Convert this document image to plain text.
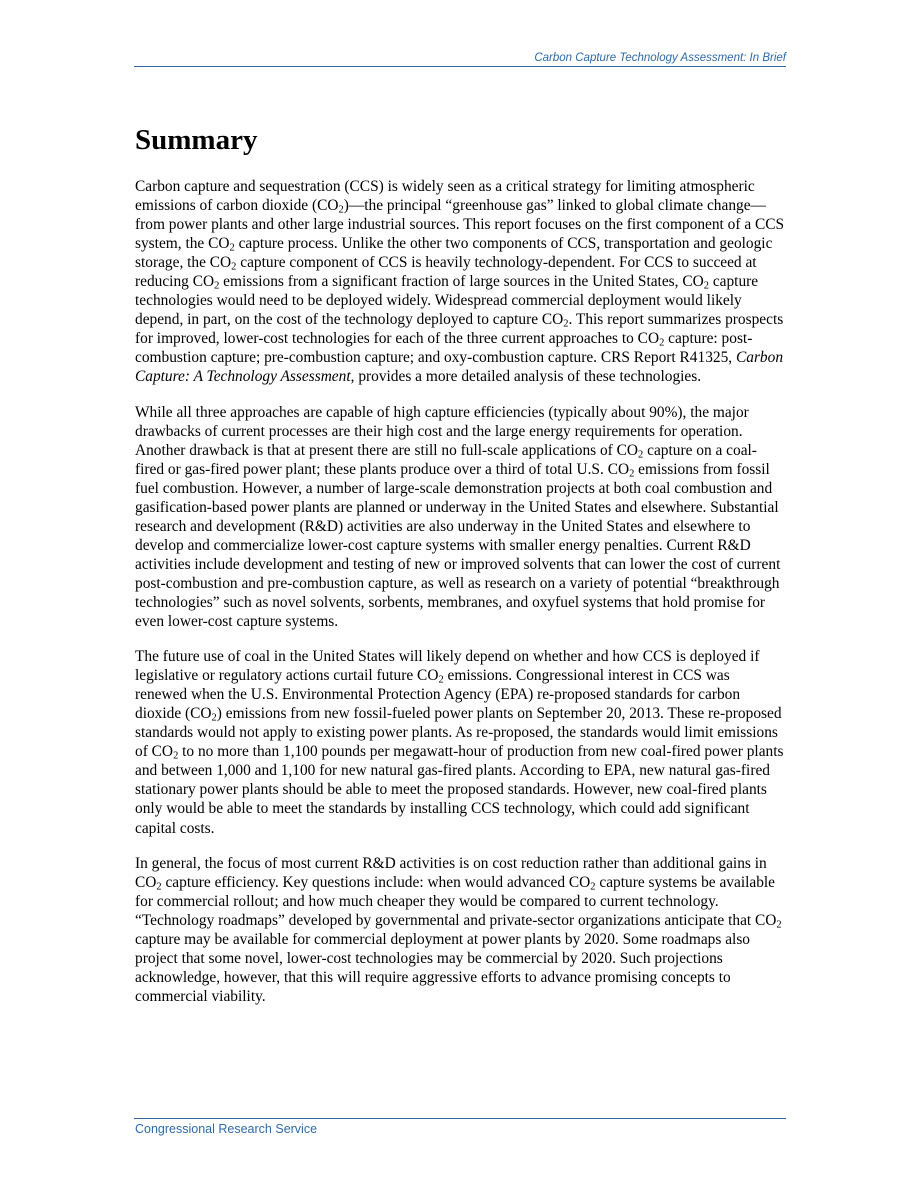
Carbon Capture Technology Assessment: In Brief
Summary

Carbon capture and sequestration (CCS) is widely seen as a critical strategy for limiting atmospheric emissions of carbon dioxide $(CO_2)—the$ principal “greenhouse gas” linked to global climate change—from power plants and other large industrial sources. This report focuses on the first component of a CCS system, the $CO_2$ capture process. Unlike the other two components of CCS, transportation and geologic storage, the $CO_2$ capture component of CCS is heavily technology-dependent. For CCS to succeed at reducing $CO_2$ emissions from a significant fraction of large sources in the United States, $CO_2$ capture technologies would need to be deployed widely. Widespread commercial deployment would likely depend, in part, on the cost of the technology deployed to capture $CO_2$. This report summarizes prospects for improved, lower-cost technologies for each of the three current approaches to $CO_2$ capture: post-combustion capture; pre-combustion capture; and oxy-combustion capture. CRS Report R41325, Carbon Capture: A Technology Assessment, provides a more detailed analysis of these technologies.

While all three approaches are capable of high capture efficiencies (typically about 90%), the major drawbacks of current processes are their high cost and the large energy requirements for operation. Another drawback is that at present there are still no full-scale applications of $CO_2$ capture on a coal-fired or gas-fired power plant; these plants produce over a third of total U.S. $CO_2$ emissions from fossil fuel combustion. However, a number of large-scale demonstration projects at both coal combustion and gasification-based power plants are planned or underway in the United States and elsewhere. Substantial research and development (R&D) activities are also underway in the United States and elsewhere to develop and commercialize lower-cost capture systems with smaller energy penalties. Current R&D activities include development and testing of new or improved solvents that can lower the cost of current post-combustion and pre-combustion capture, as well as research on a variety of potential “breakthrough technologies” such as novel solvents, sorbents, membranes, and oxyfuel systems that hold promise for even lower-cost capture systems.

The future use of coal in the United States will likely depend on whether and how CCS is deployed if legislative or regulatory actions curtail future $CO_2$ emissions. Congressional interest in CCS was renewed when the U.S. Environmental Protection Agency (EPA) re-proposed standards for carbon dioxide $(CO_2)$ emissions from new fossil-fueled power plants on September 20, 2013. These re-proposed standards would not apply to existing power plants. As re-proposed, the standards would limit emissions of $CO_2$ to no more than 1,100 pounds per megawatt-hour of production from new coal-fired power plants and between 1,000 and 1,100 for new natural gas-fired plants. According to EPA, new natural gas-fired stationary power plants should be able to meet the proposed standards. However, new coal-fired plants only would be able to meet the standards by installing CCS technology, which could add significant capital costs.

In general, the focus of most current R&D activities is on cost reduction rather than additional gains in $CO_2$ capture efficiency. Key questions include: when would advanced $CO_2$ capture systems be available for commercial rollout; and how much cheaper they would be compared to current technology. “Technology roadmaps” developed by governmental and private-sector organizations anticipate that $CO_2$ capture may be available for commercial deployment at power plants by 2020. Some roadmaps also project that some novel, lower-cost technologies may be commercial by 2020. Such projections acknowledge, however, that this will require aggressive efforts to advance promising concepts to commercial viability.

Congressional Research Service
